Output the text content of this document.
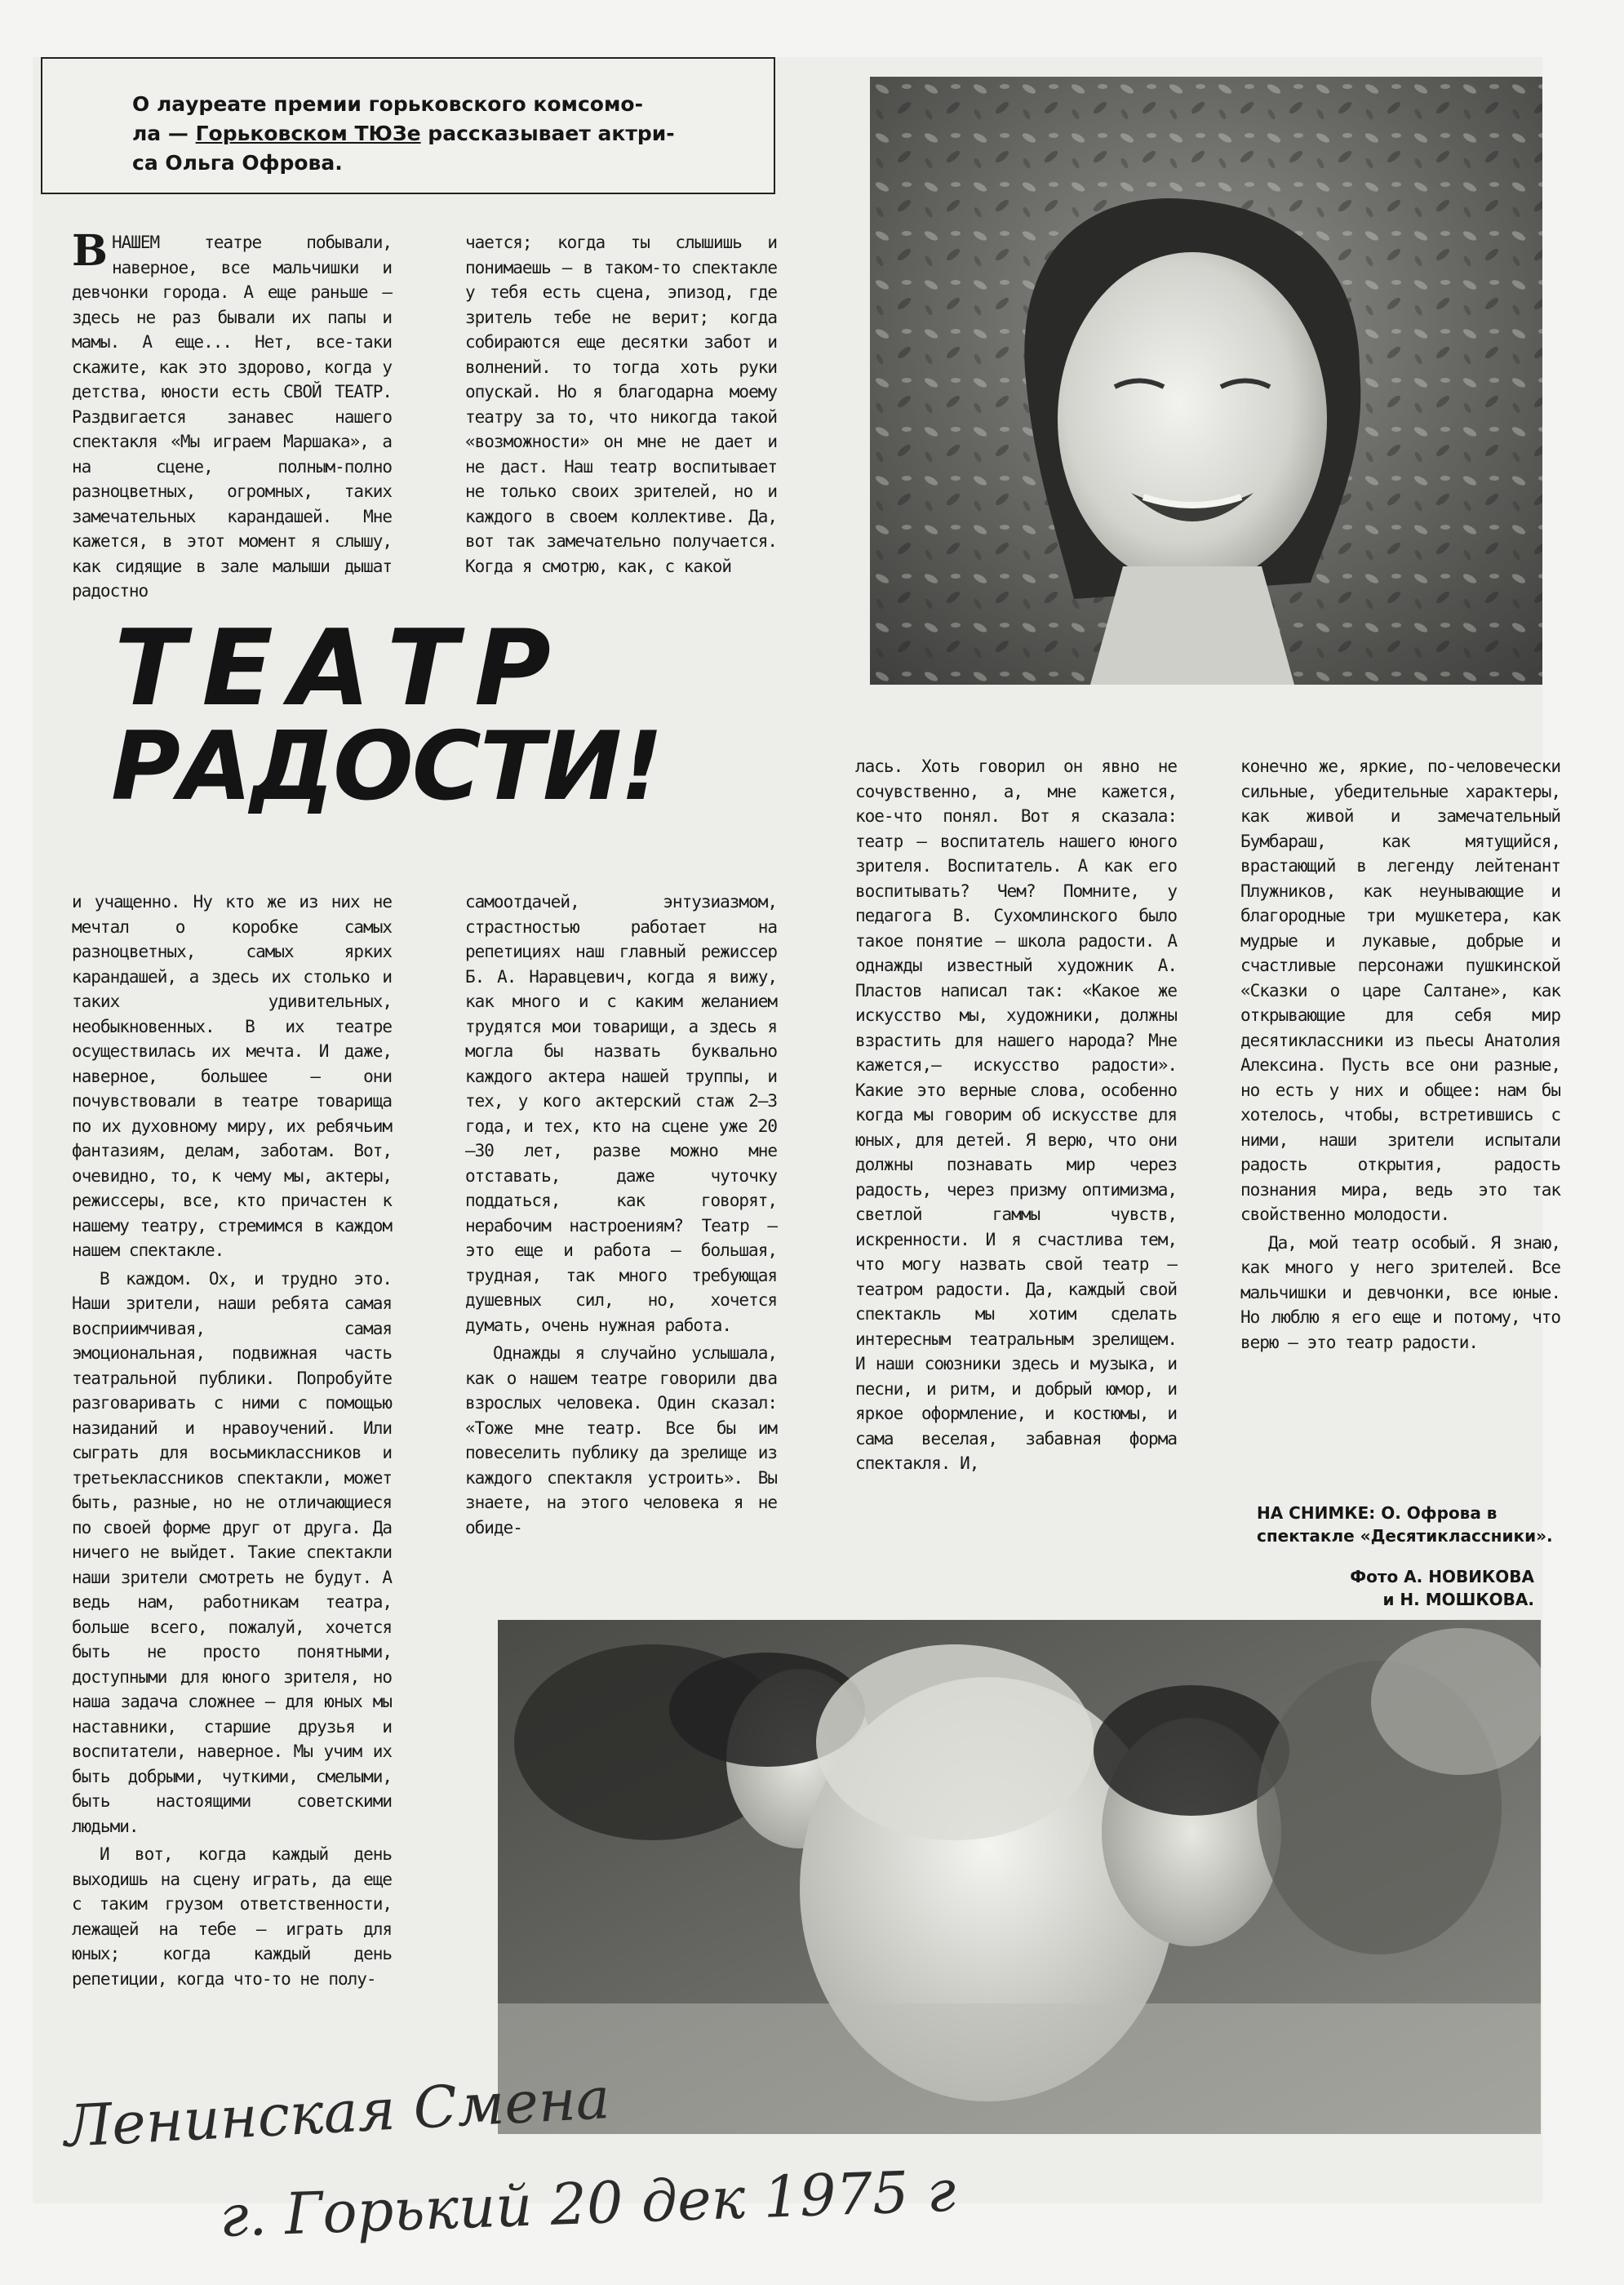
О лауреате премии горьковского комсомо-
ла — Горьковском ТЮЗе рассказывает актри-
са Ольга Офрова.

В НАШЕМ театре побывали, наверное, все мальчишки и девчонки города. А еще раньше — здесь не раз бывали их папы и мамы. А еще... Нет, все-таки скажите, как это здорово, когда у детства, юности есть СВОЙ ТЕАТР. Раздвигается занавес нашего спектакля «Мы играем Маршака», а на сцене, полным-полно разноцветных, огромных, таких замечательных карандашей. Мне кажется, в этот момент я слышу, как сидящие в зале малыши дышат радостно

чается; когда ты слышишь и понимаешь — в таком-то спектакле у тебя есть сцена, эпизод, где зритель тебе не верит; когда собираются еще десятки забот и волнений. то тогда хоть руки опускай. Но я благодарна моему театру за то, что никогда такой «возможности» он мне не дает и не даст. Наш театр воспитывает не только своих зрителей, но и каждого в своем коллективе. Да, вот так замечательно получается. Когда я смотрю, как, с какой

ТЕАТР
РАДОСТИ!

и учащенно. Ну кто же из них не мечтал о коробке самых разноцветных, самых ярких карандашей, а здесь их столько и таких удивительных, необыкновенных. В их театре осуществилась их мечта. И даже, наверное, большее — они почувствовали в театре товарища по их духовному миру, их ребячьим фантазиям, делам, заботам. Вот, очевидно, то, к чему мы, актеры, режиссеры, все, кто причастен к нашему театру, стремимся в каждом нашем спектакле.

В каждом. Ох, и трудно это. Наши зрители, наши ребята самая восприимчивая, самая эмоциональная, подвижная часть театральной публики. Попробуйте разговаривать с ними с помощью назиданий и нравоучений. Или сыграть для восьмиклассников и третьеклассников спектакли, может быть, разные, но не отличающиеся по своей форме друг от друга. Да ничего не выйдет. Такие спектакли наши зрители смотреть не будут. А ведь нам, работникам театра, больше всего, пожалуй, хочется быть не просто понятными, доступными для юного зрителя, но наша задача сложнее — для юных мы наставники, старшие друзья и воспитатели, наверное. Мы учим их быть добрыми, чуткими, смелыми, быть настоящими советскими людьми.

И вот, когда каждый день выходишь на сцену играть, да еще с таким грузом ответственности, лежащей на тебе — играть для юных; когда каждый день репетиции, когда что-то не полу-

самоотдачей, энтузиазмом, страстностью работает на репетициях наш главный режиссер Б. А. Наравцевич, когда я вижу, как много и с каким желанием трудятся мои товарищи, а здесь я могла бы назвать буквально каждого актера нашей труппы, и тех, у кого актерский стаж 2—3 года, и тех, кто на сцене уже 20—30 лет, разве можно мне отставать, даже чуточку поддаться, как говорят, нерабочим настроениям? Театр — это еще и работа — большая, трудная, так много требующая душевных сил, но, хочется думать, очень нужная работа.

Однажды я случайно услышала, как о нашем театре говорили два взрослых человека. Один сказал: «Тоже мне театр. Все бы им повеселить публику да зрелище из каждого спектакля устроить». Вы знаете, на этого человека я не обиде-

лась. Хоть говорил он явно не сочувственно, а, мне кажется, кое-что понял. Вот я сказала: театр — воспитатель нашего юного зрителя. Воспитатель. А как его воспитывать? Чем? Помните, у педагога В. Сухомлинского было такое понятие — школа радости. А однажды известный художник А. Пластов написал так: «Какое же искусство мы, художники, должны взрастить для нашего народа? Мне кажется,— искусство радости». Какие это верные слова, особенно когда мы говорим об искусстве для юных, для детей. Я верю, что они должны познавать мир через радость, через призму оптимизма, светлой гаммы чувств, искренности. И я счастлива тем, что могу назвать свой театр — театром радости. Да, каждый свой спектакль мы хотим сделать интересным театральным зрелищем. И наши союзники здесь и музыка, и песни, и ритм, и добрый юмор, и яркое оформление, и костюмы, и сама веселая, забавная форма спектакля. И,

конечно же, яркие, по-человечески сильные, убедительные характеры, как живой и замечательный Бумбараш, как мятущийся, врастающий в легенду лейтенант Плужников, как неунывающие и благородные три мушкетера, как мудрые и лукавые, добрые и счастливые персонажи пушкинской «Сказки о царе Салтане», как открывающие для себя мир десятиклассники из пьесы Анатолия Алексина. Пусть все они разные, но есть у них и общее: нам бы хотелось, чтобы, встретившись с ними, наши зрители испытали радость открытия, радость познания мира, ведь это так свойственно молодости.

Да, мой театр особый. Я знаю, как много у него зрителей. Все мальчишки и девчонки, все юные. Но люблю я его еще и потому, что верю — это театр радости.

НА СНИМКЕ: О. Офрова в спектакле «Десятиклассники».
Фото А. НОВИКОВА
и Н. МОШКОВА.
Ленинская Смена
г. Горький 20 дек 1975 г
